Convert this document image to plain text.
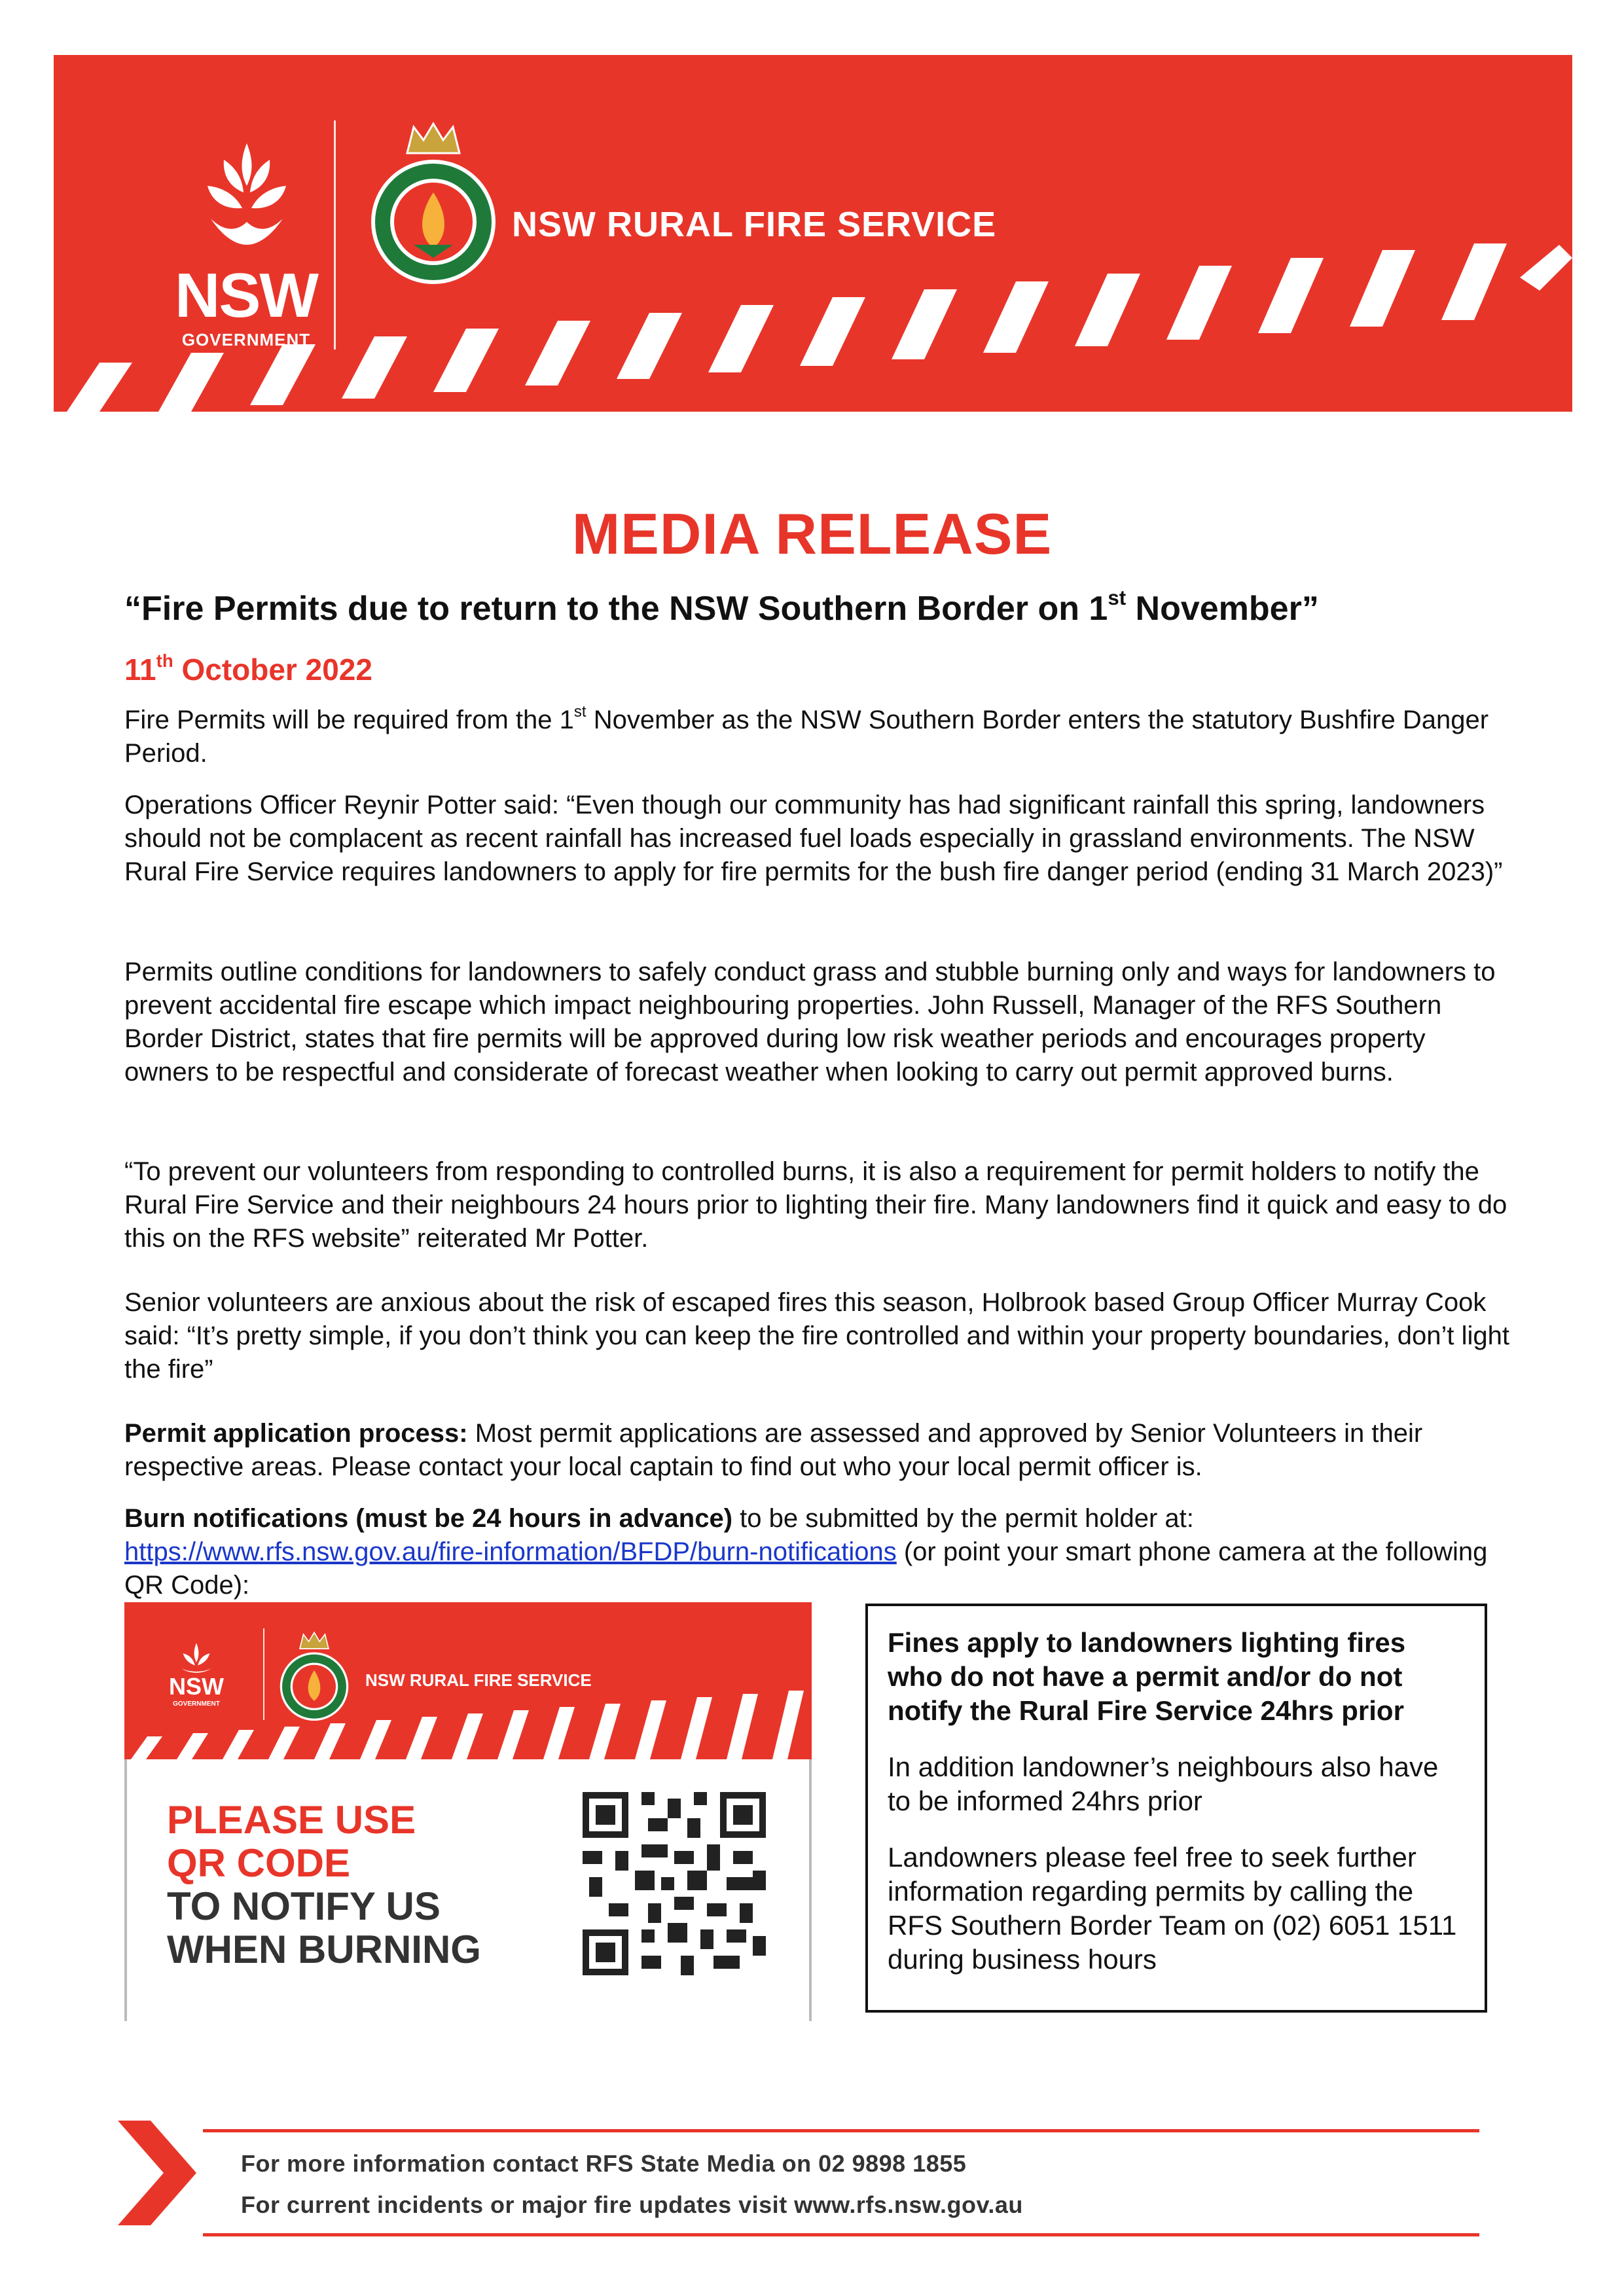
NSW
GOVERNMENT
NSW RURAL FIRE SERVICE
MEDIA RELEASE
“Fire Permits due to return to the NSW Southern Border on 1st November”
11th October 2022

Fire Permits will be required from the 1st November as the NSW Southern Border enters the statutory Bushfire Danger Period.

Operations Officer Reynir Potter said: “Even though our community has had significant rainfall this spring, landowners should not be complacent as recent rainfall has increased fuel loads especially in grassland environments. The NSW Rural Fire Service requires landowners to apply for fire permits for the bush fire danger period (ending 31 March 2023)”

Permits outline conditions for landowners to safely conduct grass and stubble burning only and ways for landowners to prevent accidental fire escape which impact neighbouring properties. John Russell, Manager of the RFS Southern Border District, states that fire permits will be approved during low risk weather periods and encourages property owners to be respectful and considerate of forecast weather when looking to carry out permit approved burns.

“To prevent our volunteers from responding to controlled burns, it is also a requirement for permit holders to notify the Rural Fire Service and their neighbours 24 hours prior to lighting their fire. Many landowners find it quick and easy to do this on the RFS website” reiterated Mr Potter.

Senior volunteers are anxious about the risk of escaped fires this season, Holbrook based Group Officer Murray Cook said: “It’s pretty simple, if you don’t think you can keep the fire controlled and within your property boundaries, don’t light the fire”

Permit application process: Most permit applications are assessed and approved by Senior Volunteers in their respective areas. Please contact your local captain to find out who your local permit officer is.

Burn notifications (must be 24 hours in advance) to be submitted by the permit holder at:
https://www.rfs.nsw.gov.au/fire-information/BFDP/burn-notifications (or point your smart phone camera at the following QR Code):

NSW
GOVERNMENT
NSW RURAL FIRE SERVICE
PLEASE USE
QR CODE
TO NOTIFY US
WHEN BURNING

Fines apply to landowners lighting fires who do not have a permit and/or do not notify the Rural Fire Service 24hrs prior

In addition landowner’s neighbours also have to be informed 24hrs prior

Landowners please feel free to seek further information regarding permits by calling the RFS Southern Border Team on (02) 6051 1511 during business hours

For more information contact RFS State Media on 02 9898 1855
For current incidents or major fire updates visit www.rfs.nsw.gov.au
